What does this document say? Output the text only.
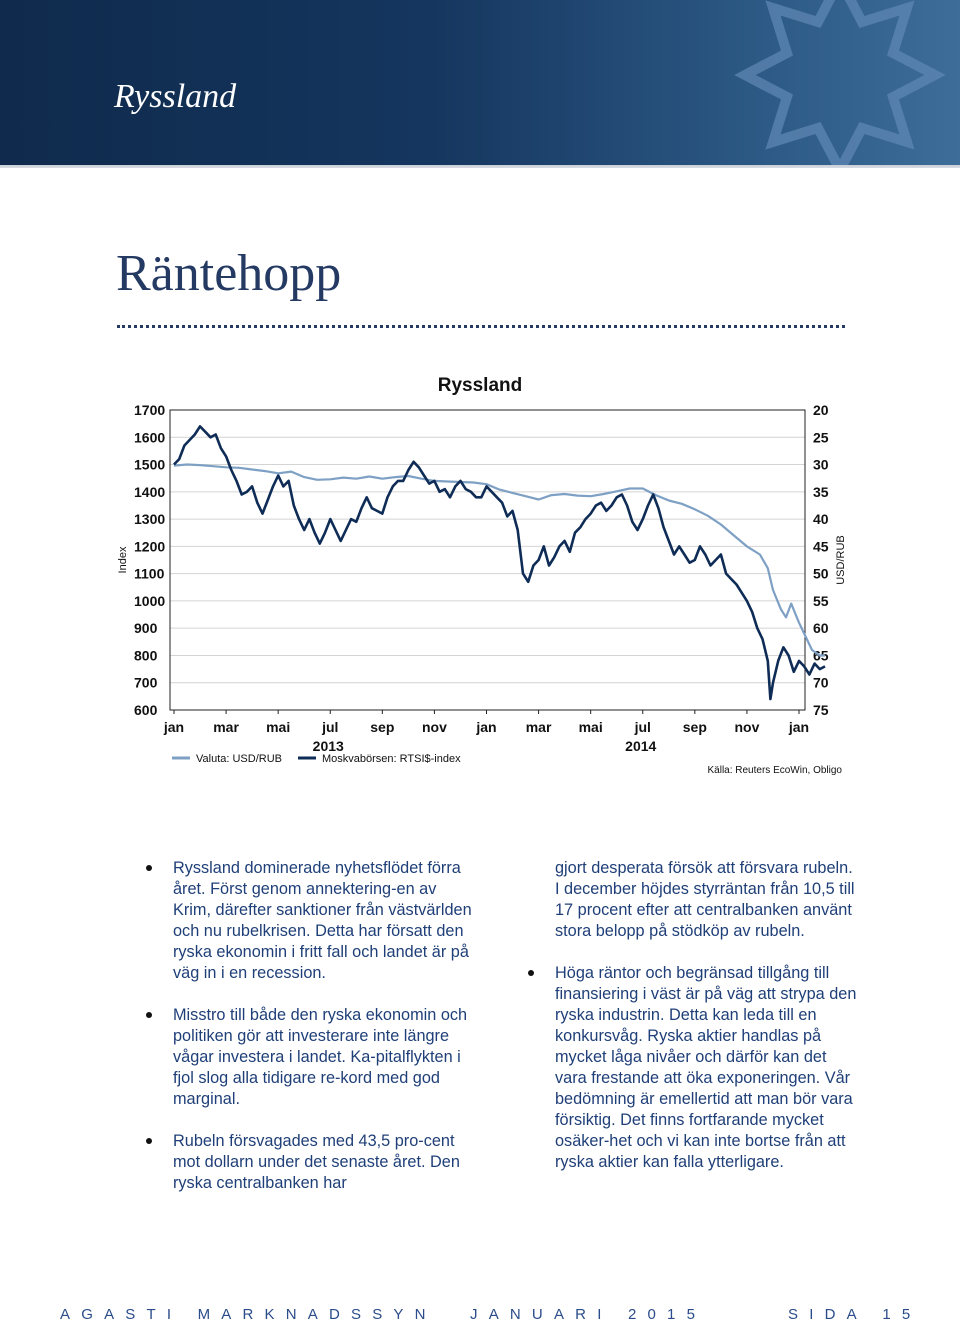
Ryssland
Räntehopp
Ryssland
1700
1600
1500
1400
1300
1200
1100
1000
900
800
700
600
20
25
30
35
40
45
50
55
60
65
70
75
Index	USD/RUB
jan mar mai jul sep nov jan mar mai jul sep nov jan
2013	2014
Valuta: USD/RUB	Moskvabörsen: RTSI$-index
Källa: Reuters EcoWin, Obligo
Ryssland dominerade nyhetsflödet förra året. Först genom annektering-en av Krim, därefter sanktioner från västvärlden och nu rubelkrisen. Detta har försatt den ryska ekonomin i fritt fall och landet är på väg in i en recession.
Misstro till både den ryska ekonomin och politiken gör att investerare inte längre vågar investera i landet. Ka-pitalflykten i fjol slog alla tidigare re-kord med god marginal.
Rubeln försvagades med 43,5 pro-cent mot dollarn under det senaste året. Den ryska centralbanken har
gjort desperata försök att försvara rubeln. I december höjdes styrräntan från 10,5 till 17 procent efter att centralbanken använt stora belopp på stödköp av rubeln.
Höga räntor och begränsad tillgång till finansiering i väst är på väg att strypa den ryska industrin. Detta kan leda till en konkursvåg. Ryska aktier handlas på mycket låga nivåer och därför kan det vara frestande att öka exponeringen. Vår bedömning är emellertid att man bör vara försiktig. Det finns fortfarande mycket osäker-het och vi kan inte bortse från att ryska aktier kan falla ytterligare.
AGASTI MARKNADSSYN JANUARI 2015	SIDA 15
